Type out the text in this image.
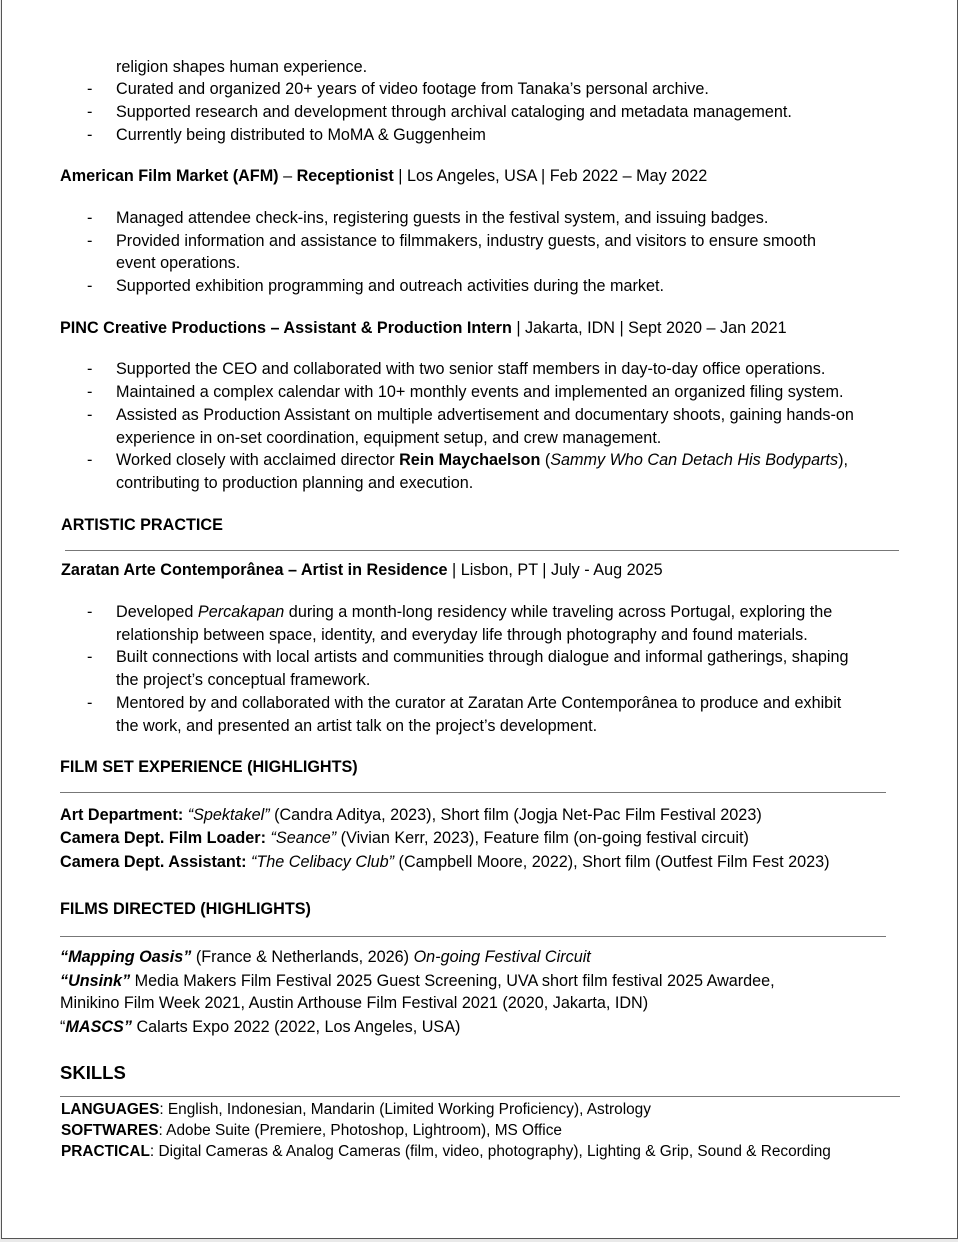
religion shapes human experience.
- Curated and organized 20+ years of video footage from Tanaka’s personal archive.
- Supported research and development through archival cataloging and metadata management.
- Currently being distributed to MoMA & Guggenheim
American Film Market (AFM) – Receptionist | Los Angeles, USA | Feb 2022 – May 2022
- Managed attendee check-ins, registering guests in the festival system, and issuing badges.
- Provided information and assistance to filmmakers, industry guests, and visitors to ensure smooth
event operations.
- Supported exhibition programming and outreach activities during the market.
PINC Creative Productions – Assistant & Production Intern | Jakarta, IDN | Sept 2020 – Jan 2021
- Supported the CEO and collaborated with two senior staff members in day-to-day office operations.
- Maintained a complex calendar with 10+ monthly events and implemented an organized filing system.
- Assisted as Production Assistant on multiple advertisement and documentary shoots, gaining hands-on
experience in on-set coordination, equipment setup, and crew management.
- Worked closely with acclaimed director Rein Maychaelson (Sammy Who Can Detach His Bodyparts),
contributing to production planning and execution.
ARTISTIC PRACTICE
Zaratan Arte Contemporânea – Artist in Residence | Lisbon, PT | July - Aug 2025
- Developed Percakapan during a month-long residency while traveling across Portugal, exploring the
relationship between space, identity, and everyday life through photography and found materials.
- Built connections with local artists and communities through dialogue and informal gatherings, shaping
the project’s conceptual framework.
- Mentored by and collaborated with the curator at Zaratan Arte Contemporânea to produce and exhibit
the work, and presented an artist talk on the project’s development.
FILM SET EXPERIENCE (HIGHLIGHTS)
Art Department: “Spektakel” (Candra Aditya, 2023), Short film (Jogja Net-Pac Film Festival 2023)
Camera Dept. Film Loader: “Seance” (Vivian Kerr, 2023), Feature film (on-going festival circuit)
Camera Dept. Assistant: “The Celibacy Club” (Campbell Moore, 2022), Short film (Outfest Film Fest 2023)
FILMS DIRECTED (HIGHLIGHTS)
“Mapping Oasis” (France & Netherlands, 2026) On-going Festival Circuit
“Unsink” Media Makers Film Festival 2025 Guest Screening, UVA short film festival 2025 Awardee,
Minikino Film Week 2021, Austin Arthouse Film Festival 2021 (2020, Jakarta, IDN)
“MASCS” Calarts Expo 2022 (2022, Los Angeles, USA)
SKILLS
LANGUAGES: English, Indonesian, Mandarin (Limited Working Proficiency), Astrology
SOFTWARES: Adobe Suite (Premiere, Photoshop, Lightroom), MS Office
PRACTICAL: Digital Cameras & Analog Cameras (film, video, photography), Lighting & Grip, Sound & Recording
